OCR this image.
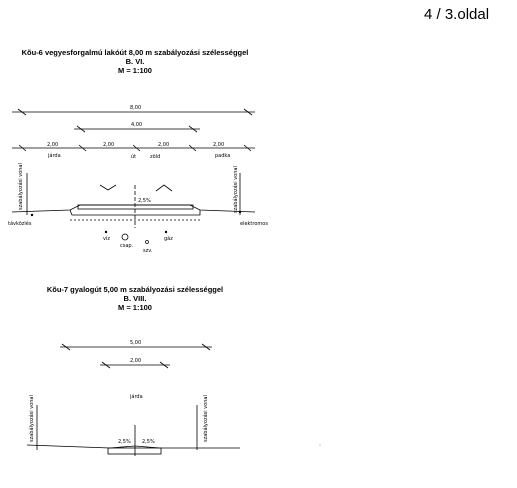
4 / 3.oldal
Kõu-6 vegyesforgalmú lakóút 8,00 m szabályozási szélességgel
B. VI.
M = 1:100
8,00
4,00
2,00	2,00	2,00	2,00
járda	út	zöld	padka
2,5%
távközlés	elektromos
víz
csap.
szv.
gáz
szabályozási vonal	szabályozási vonal
Kõu-7 gyalogút 5,00 m szabályozási szélességgel
B. VIII.
M = 1:100
5,00
2,00
járda
2,5% 2,5%
szabályozási vonal	szabályozási vonal
